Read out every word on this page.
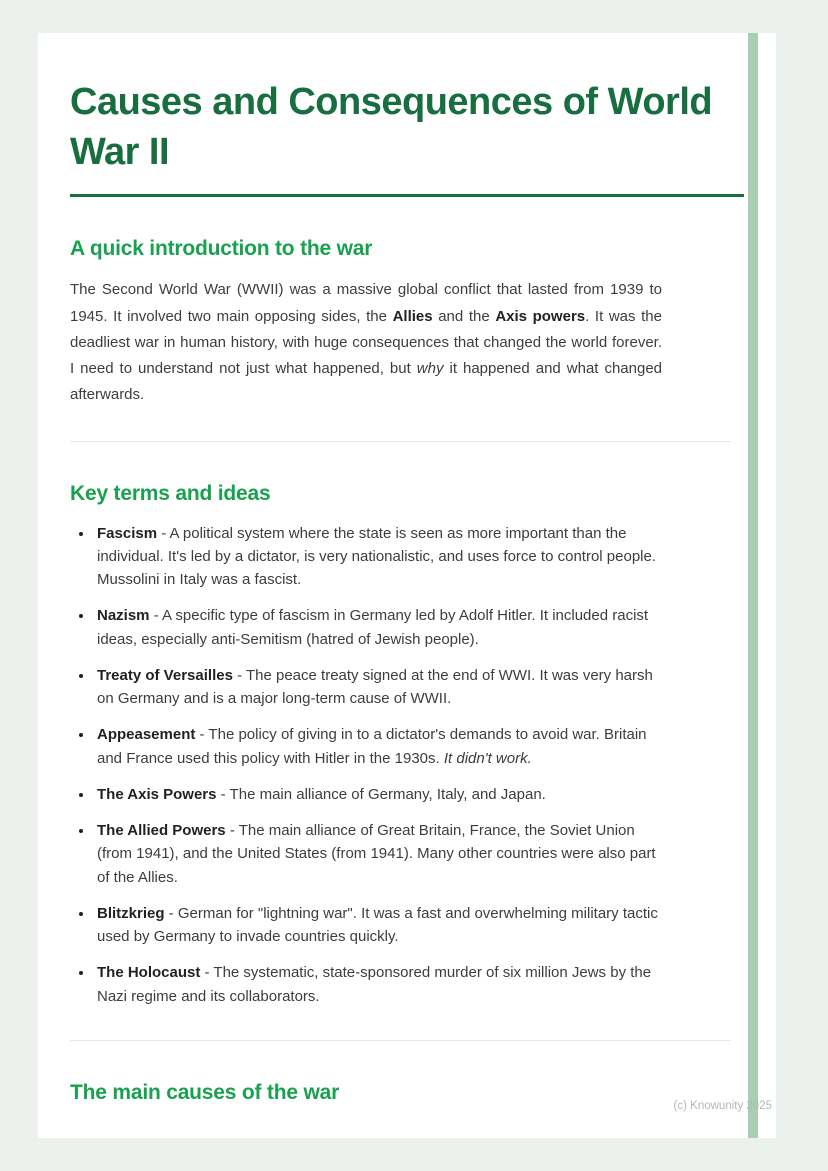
Causes and Consequences of World War II
A quick introduction to the war

The Second World War (WWII) was a massive global conflict that lasted from 1939 to 1945. It involved two main opposing sides, the Allies and the Axis powers. It was the deadliest war in human history, with huge consequences that changed the world forever. I need to understand not just what happened, but why it happened and what changed afterwards.

Key terms and ideas
• Fascism - A political system where the state is seen as more important than the individual. It's led by a dictator, is very nationalistic, and uses force to control people. Mussolini in Italy was a fascist.
• Nazism - A specific type of fascism in Germany led by Adolf Hitler. It included racist ideas, especially anti-Semitism (hatred of Jewish people).
• Treaty of Versailles - The peace treaty signed at the end of WWI. It was very harsh on Germany and is a major long-term cause of WWII.
• Appeasement - The policy of giving in to a dictator's demands to avoid war. Britain and France used this policy with Hitler in the 1930s. It didn't work.
• The Axis Powers - The main alliance of Germany, Italy, and Japan.
• The Allied Powers - The main alliance of Great Britain, France, the Soviet Union (from 1941), and the United States (from 1941). Many other countries were also part of the Allies.
• Blitzkrieg - German for "lightning war". It was a fast and overwhelming military tactic used by Germany to invade countries quickly.
• The Holocaust - The systematic, state-sponsored murder of six million Jews by the Nazi regime and its collaborators.
The main causes of the war
(c) Knowunity 2025
